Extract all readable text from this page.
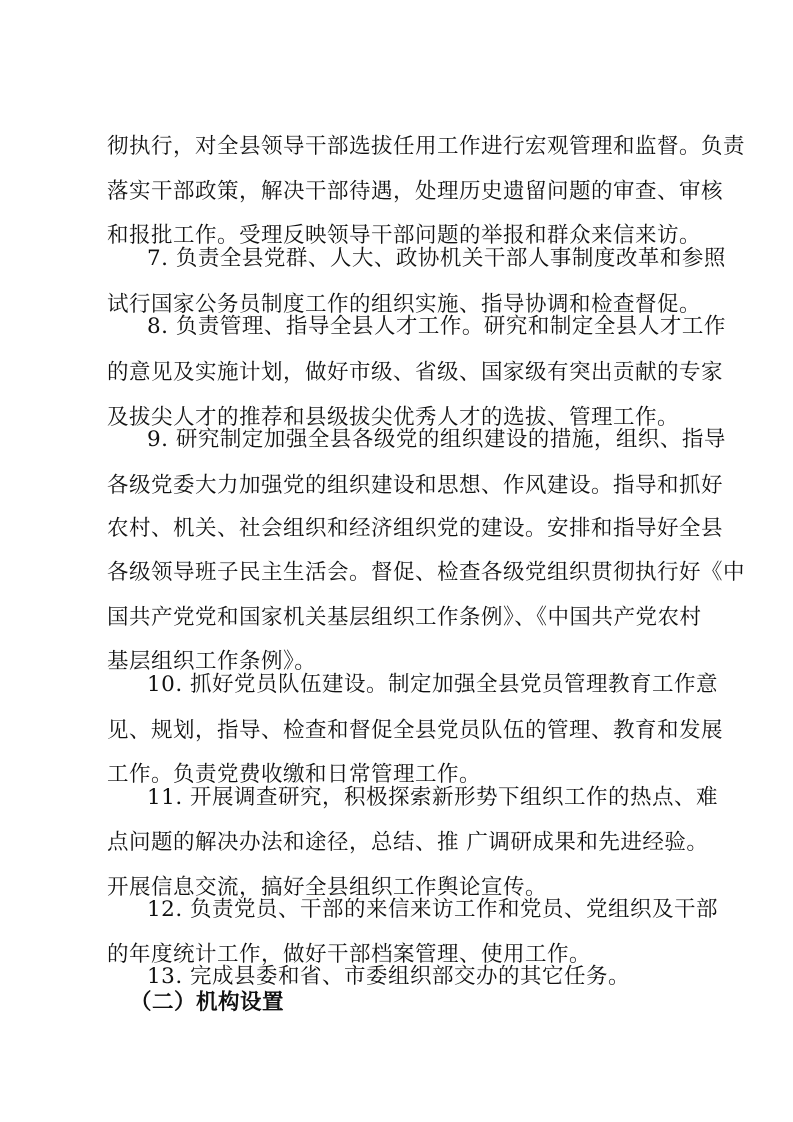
彻执行，对全县领导干部选拔任用工作进行宏观管理和监督。负责
落实干部政策，解决干部待遇，处理历史遗留问题的审查、审核
和报批工作。受理反映领导干部问题的举报和群众来信来访。
7. 负责全县党群、人大、政协机关干部人事制度改革和参照
试行国家公务员制度工作的组织实施、指导协调和检查督促。
8. 负责管理、指导全县人才工作。研究和制定全县人才工作
的意见及实施计划，做好市级、省级、国家级有突出贡献的专家
及拔尖人才的推荐和县级拔尖优秀人才的选拔、管理工作。
9. 研究制定加强全县各级党的组织建设的措施，组织、指导
各级党委大力加强党的组织建设和思想、作风建设。指导和抓好
农村、机关、社会组织和经济组织党的建设。安排和指导好全县
各级领导班子民主生活会。督促、检查各级党组织贯彻执行好《中
国共产党党和国家机关基层组织工作条例》、《中国共产党农村
基层组织工作条例》。
10. 抓好党员队伍建设。制定加强全县党员管理教育工作意
见、规划，指导、检查和督促全县党员队伍的管理、教育和发展
工作。负责党费收缴和日常管理工作。
11. 开展调查研究，积极探索新形势下组织工作的热点、难
点问题的解决办法和途径，总结、推 广调研成果和先进经验。
开展信息交流，搞好全县组织工作舆论宣传。
12. 负责党员、干部的来信来访工作和党员、党组织及干部
的年度统计工作，做好干部档案管理、使用工作。
13. 完成县委和省、市委组织部交办的其它任务。
（二）机构设置
